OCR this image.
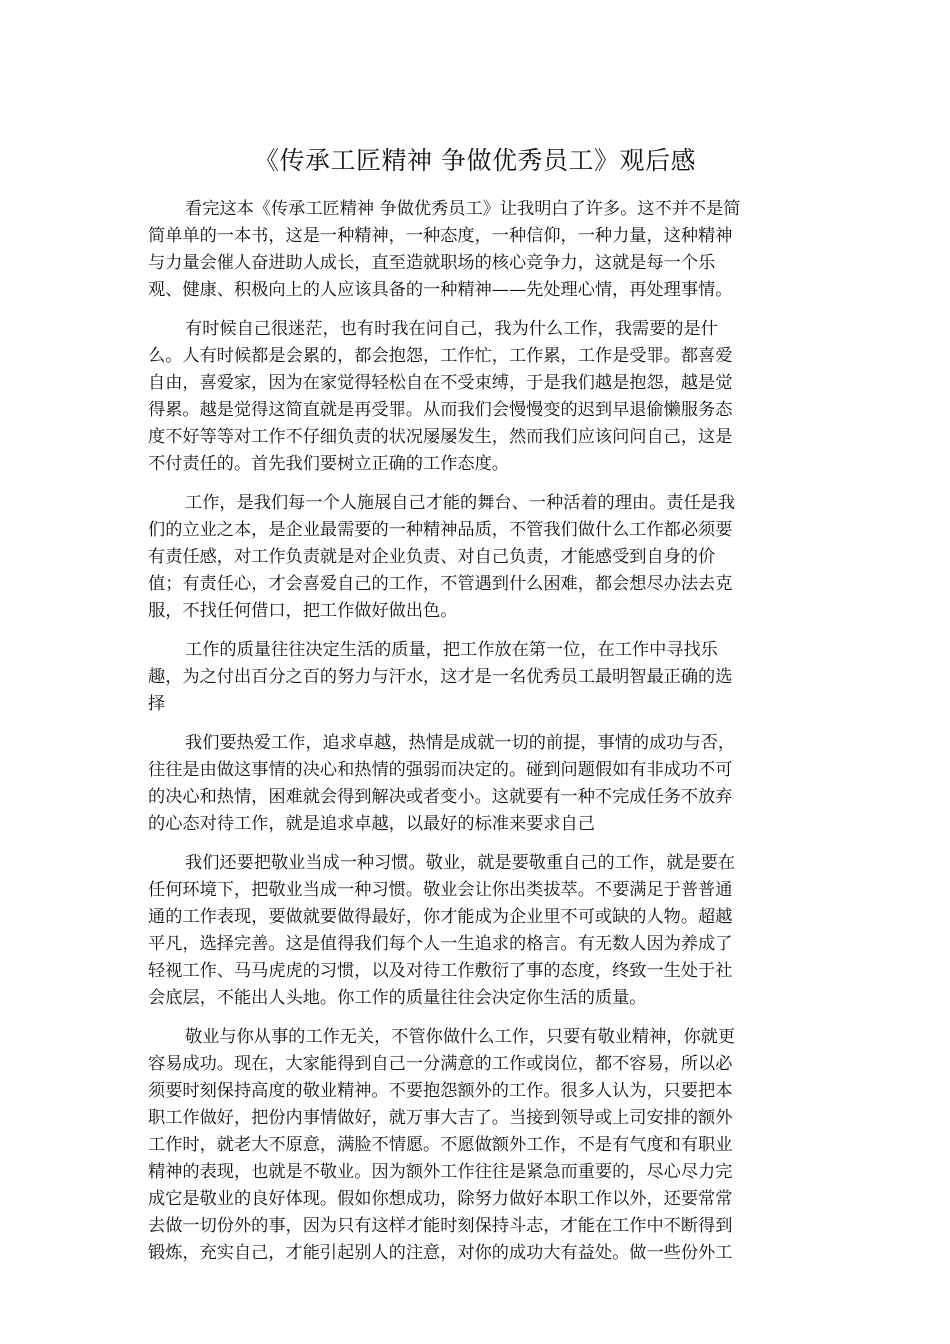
《传承工匠精神 争做优秀员工》观后感

看完这本《传承工匠精神 争做优秀员工》让我明白了许多。这不并不是简
简单单的一本书，这是一种精神，一种态度，一种信仰，一种力量，这种精神
与力量会催人奋进助人成长，直至造就职场的核心竞争力，这就是每一个乐
观、健康、积极向上的人应该具备的一种精神——先处理心情，再处理事情。

有时候自己很迷茫，也有时我在问自己，我为什么工作，我需要的是什
么。人有时候都是会累的，都会抱怨，工作忙，工作累，工作是受罪。都喜爱
自由，喜爱家，因为在家觉得轻松自在不受束缚，于是我们越是抱怨，越是觉
得累。越是觉得这简直就是再受罪。从而我们会慢慢变的迟到早退偷懒服务态
度不好等等对工作不仔细负责的状况屡屡发生，然而我们应该问问自己，这是
不付责任的。首先我们要树立正确的工作态度。

工作，是我们每一个人施展自己才能的舞台、一种活着的理由。责任是我
们的立业之本，是企业最需要的一种精神品质，不管我们做什么工作都必须要
有责任感，对工作负责就是对企业负责、对自己负责，才能感受到自身的价
值；有责任心，才会喜爱自己的工作，不管遇到什么困难，都会想尽办法去克
服，不找任何借口，把工作做好做出色。

工作的质量往往决定生活的质量，把工作放在第一位，在工作中寻找乐
趣，为之付出百分之百的努力与汗水，这才是一名优秀员工最明智最正确的选
择

我们要热爱工作，追求卓越，热情是成就一切的前提，事情的成功与否，
往往是由做这事情的决心和热情的强弱而决定的。碰到问题假如有非成功不可
的决心和热情，困难就会得到解决或者变小。这就要有一种不完成任务不放弃
的心态对待工作，就是追求卓越，以最好的标准来要求自己

我们还要把敬业当成一种习惯。敬业，就是要敬重自己的工作，就是要在
任何环境下，把敬业当成一种习惯。敬业会让你出类拔萃。不要满足于普普通
通的工作表现，要做就要做得最好，你才能成为企业里不可或缺的人物。超越
平凡，选择完善。这是值得我们每个人一生追求的格言。有无数人因为养成了
轻视工作、马马虎虎的习惯，以及对待工作敷衍了事的态度，终致一生处于社
会底层，不能出人头地。你工作的质量往往会决定你生活的质量。

敬业与你从事的工作无关，不管你做什么工作，只要有敬业精神，你就更
容易成功。现在，大家能得到自己一分满意的工作或岗位，都不容易，所以必
须要时刻保持高度的敬业精神。不要抱怨额外的工作。很多人认为，只要把本
职工作做好，把份内事情做好，就万事大吉了。当接到领导或上司安排的额外
工作时，就老大不原意，满脸不情愿。不愿做额外工作，不是有气度和有职业
精神的表现，也就是不敬业。因为额外工作往往是紧急而重要的，尽心尽力完
成它是敬业的良好体现。假如你想成功，除努力做好本职工作以外，还要常常
去做一切份外的事，因为只有这样才能时刻保持斗志，才能在工作中不断得到
锻炼，充实自己，才能引起别人的注意，对你的成功大有益处。做一些份外工
